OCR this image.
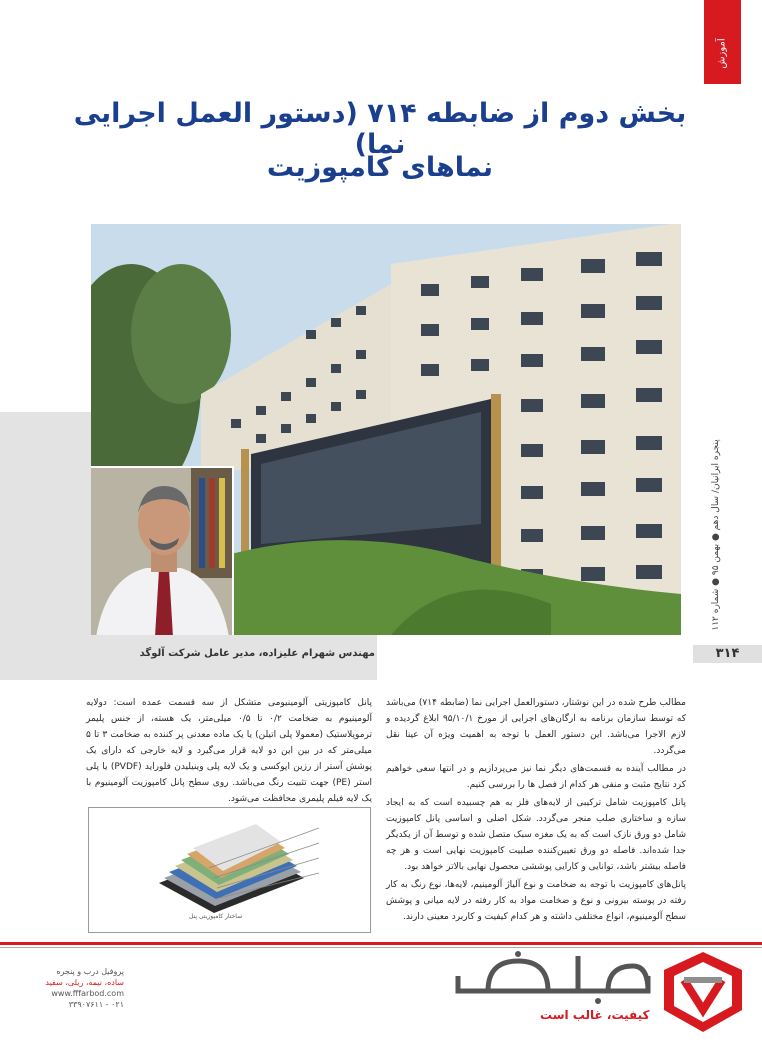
آموزش
بخش دوم از ضابطه ۷۱۴ (دستور العمل اجرایی نما)
نماهای کامپوزیت
مهندس شهرام علیزاده، مدیر عامل شرکت آلوگد
پنجره ایرانیان/ سال دهم ● بهمن ۹۵ ● شماره ۱۱۲
۳۱۴

مطالب طرح شده در این نوشتار، دستورالعمل اجرایی نما (ضابطه ۷۱۴) می‌باشد که توسط سازمان برنامه به ارگان‌های اجرایی از مورخ ۹۵/۱۰/۱ ابلاغ گردیده و لازم الاجرا می‌باشد. این دستور العمل با توجه به اهمیت ویژه آن عینا نقل می‌گردد.

در مطالب آینده به قسمت‌های دیگر نما نیز می‌پردازیم و در انتها سعی خواهیم کرد نتایج مثبت و منفی هر کدام از فصل ها را بررسی کنیم.

پانل کامپوزیت شامل ترکیبی از لایه‌های فلز به هم چسبیده است که به ایجاد سازه و ساختاری صلب منجر می‌گردد. شکل اصلی و اساسی پانل کامپوزیت شامل دو ورق نازک است که به یک مغزه سبک متصل شده و توسط آن از یکدیگر جدا شده‌اند. فاصله دو ورق تعیین‌کننده صلبیت کامپوزیت نهایی است و هر چه فاصله بیشتر باشد، توانایی و کارایی پوششی محصول نهایی بالاتر خواهد بود.

پانل‌های کامپوزیت با توجه به ضخامت و نوع آلیاژ آلومینیم، لایه‌ها، نوع رنگ به کار رفته در پوسته بیرونی و نوع و ضخامت مواد به کار رفته در لایه میانی و پوشش سطح آلومینیوم، انواع مختلفی داشته و هر کدام کیفیت و کاربرد معینی دارند.

پانل کامپوزیتی آلومینیومی متشکل از سه قسمت عمده است: دولایه آلومینیوم به ضخامت ۰/۲ تا ۰/۵ میلی‌متر، یک هسته، از جنس پلیمر ترموپلاستیک (معمولا پلی اتیلن) یا یک ماده معدنی پر کننده به ضخامت ۳ تا ۵ میلی‌متر که در بین این دو لایه قرار می‌گیرد و لایه خارجی که دارای یک پوشش آستر از رزین اپوکسی و یک لایه پلی وینیلیدن فلوراید (PVDF) یا پلی استر (PE) جهت تثبیت رنگ می‌باشد. روی سطح پانل کامپوزیت آلومینیوم با یک لایه فیلم پلیمری محافظت می‌شود.

ساختار کامپوزیتی پنل
پروفیل درب و پنجره
ساده، نیمه، ریلی، سفید
www.fffarbod.com
۰۲۱ - ۳۳۹۰۷۶۱۱
کیفیت، غالب است
